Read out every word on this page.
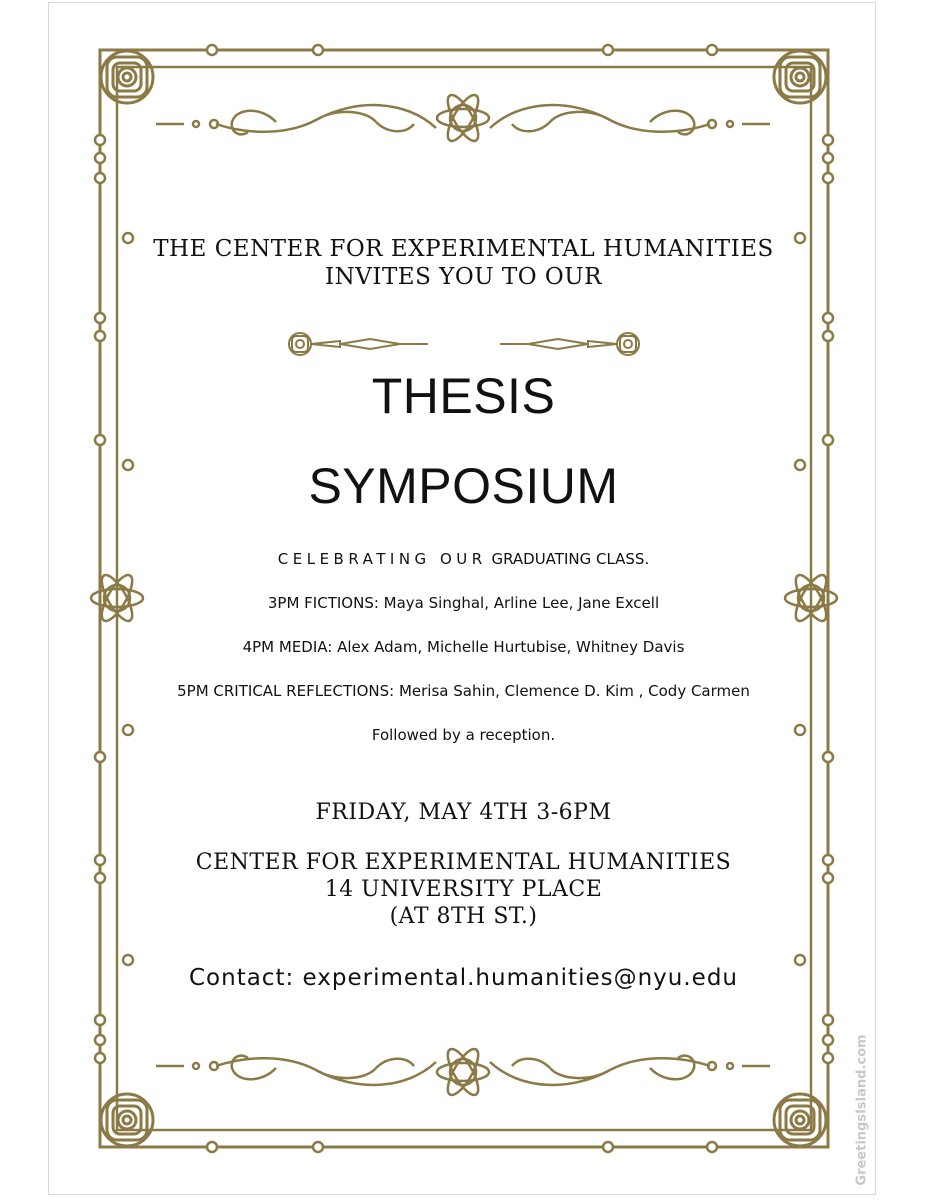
THE CENTER FOR EXPERIMENTAL HUMANITIES

INVITES YOU TO OUR

THESIS
SYMPOSIUM

CELEBRATING OUR GRADUATING CLASS.

3PM FICTIONS: Maya Singhal, Arline Lee, Jane Excell

4PM MEDIA: Alex Adam, Michelle Hurtubise, Whitney Davis

5PM CRITICAL REFLECTIONS: Merisa Sahin, Clemence D. Kim , Cody Carmen

Followed by a reception.

FRIDAY, MAY 4TH 3-6PM

CENTER FOR EXPERIMENTAL HUMANITIES

14 UNIVERSITY PLACE

(AT 8TH ST.)

Contact: experimental.humanities@nyu.edu

GreetingsIsland.com
